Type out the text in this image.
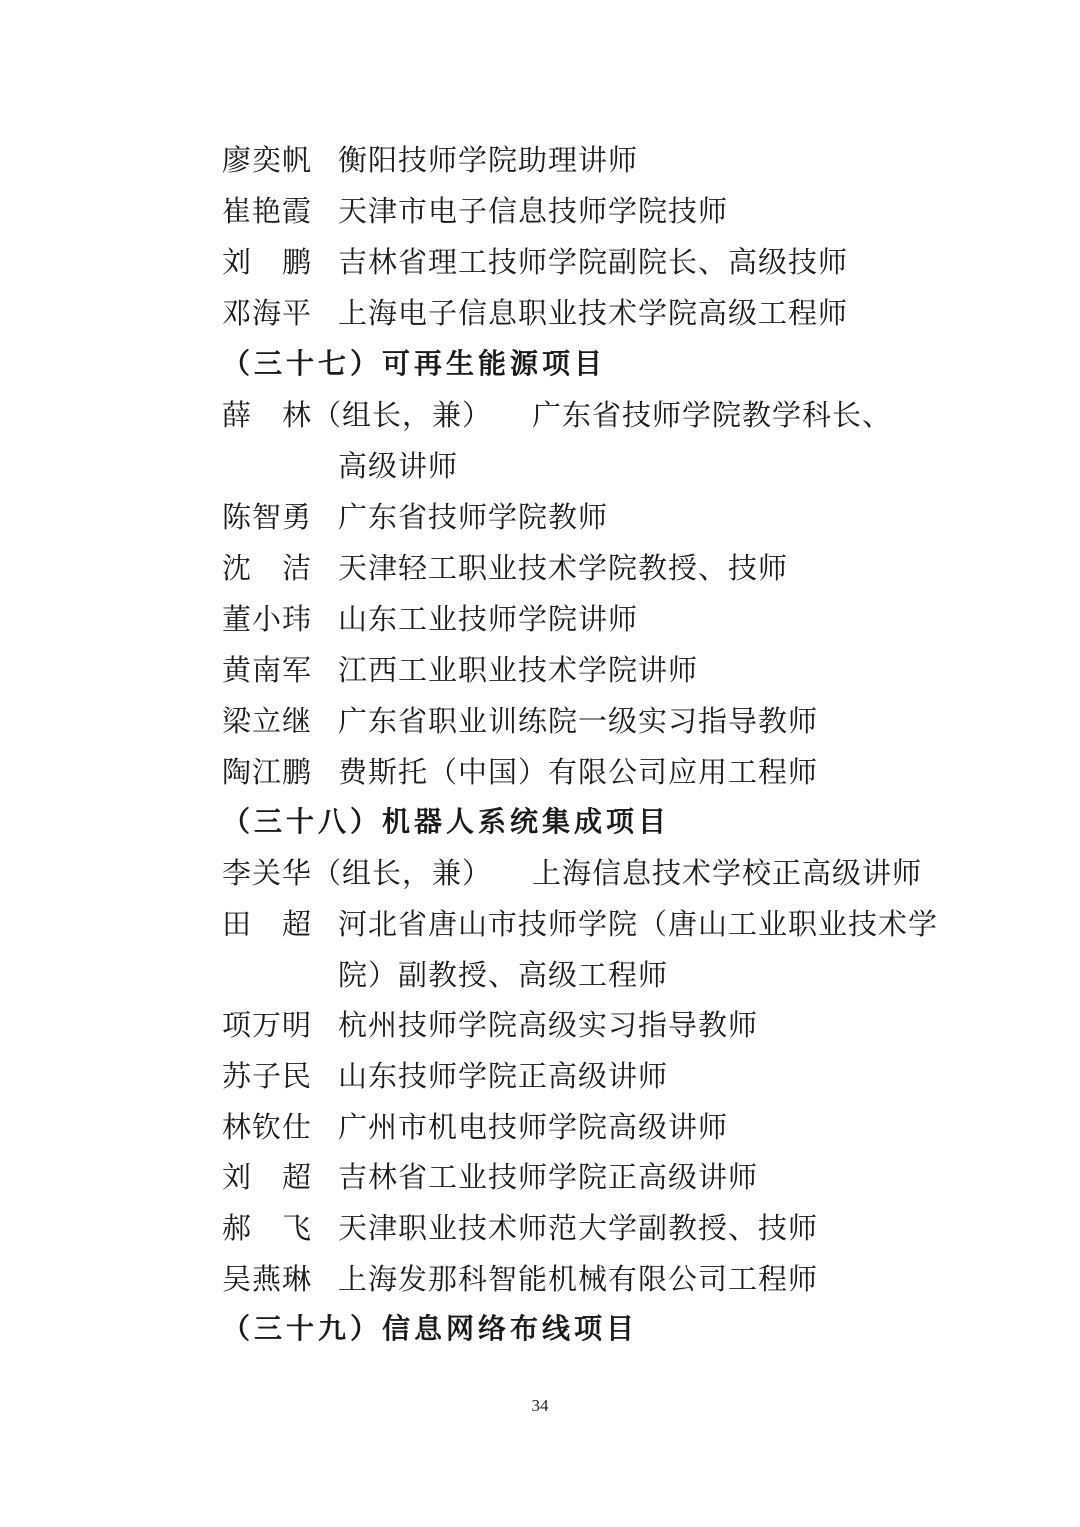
廖奕帆 衡阳技师学院助理讲师
崔艳霞 天津市电子信息技师学院技师
刘　鹏 吉林省理工技师学院副院长、高级技师
邓海平 上海电子信息职业技术学院高级工程师
（三十七）可再生能源项目
薛　林（组长，兼） 广东省技师学院教学科长、
高级讲师
陈智勇 广东省技师学院教师
沈　洁 天津轻工职业技术学院教授、技师
董小玮 山东工业技师学院讲师
黄南军 江西工业职业技术学院讲师
梁立继 广东省职业训练院一级实习指导教师
陶江鹏 费斯托（中国）有限公司应用工程师
（三十八）机器人系统集成项目
李关华（组长，兼） 上海信息技术学校正高级讲师
田　超 河北省唐山市技师学院（唐山工业职业技术学
院）副教授、高级工程师
项万明 杭州技师学院高级实习指导教师
苏子民 山东技师学院正高级讲师
林钦仕 广州市机电技师学院高级讲师
刘　超 吉林省工业技师学院正高级讲师
郝　飞 天津职业技术师范大学副教授、技师
吴燕琳 上海发那科智能机械有限公司工程师
（三十九）信息网络布线项目
34
